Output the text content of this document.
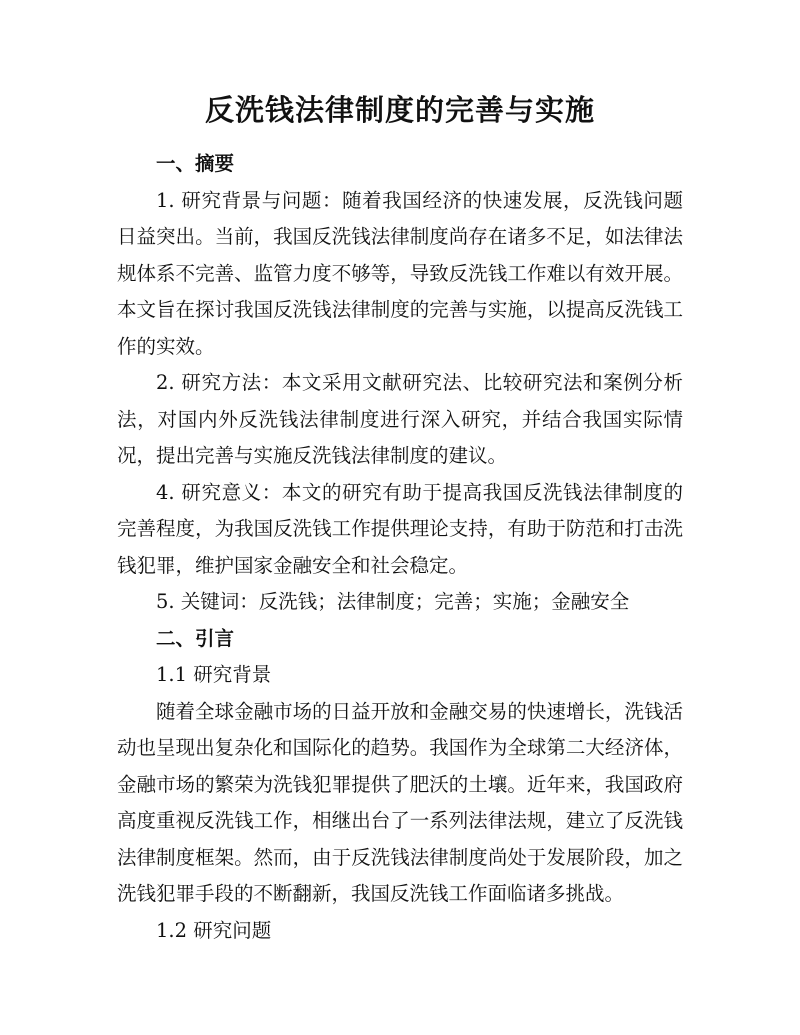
反洗钱法律制度的完善与实施

一、摘要

1. 研究背景与问题：随着我国经济的快速发展，反洗钱问题日益突出。当前，我国反洗钱法律制度尚存在诸多不足，如法律法规体系不完善、监管力度不够等，导致反洗钱工作难以有效开展。本文旨在探讨我国反洗钱法律制度的完善与实施，以提高反洗钱工作的实效。

2. 研究方法：本文采用文献研究法、比较研究法和案例分析法，对国内外反洗钱法律制度进行深入研究，并结合我国实际情况，提出完善与实施反洗钱法律制度的建议。

4. 研究意义：本文的研究有助于提高我国反洗钱法律制度的完善程度，为我国反洗钱工作提供理论支持，有助于防范和打击洗钱犯罪，维护国家金融安全和社会稳定。

5. 关键词：反洗钱；法律制度；完善；实施；金融安全

二、引言

1.1 研究背景

随着全球金融市场的日益开放和金融交易的快速增长，洗钱活动也呈现出复杂化和国际化的趋势。我国作为全球第二大经济体，金融市场的繁荣为洗钱犯罪提供了肥沃的土壤。近年来，我国政府高度重视反洗钱工作，相继出台了一系列法律法规，建立了反洗钱法律制度框架。然而，由于反洗钱法律制度尚处于发展阶段，加之洗钱犯罪手段的不断翻新，我国反洗钱工作面临诸多挑战。

1.2 研究问题
